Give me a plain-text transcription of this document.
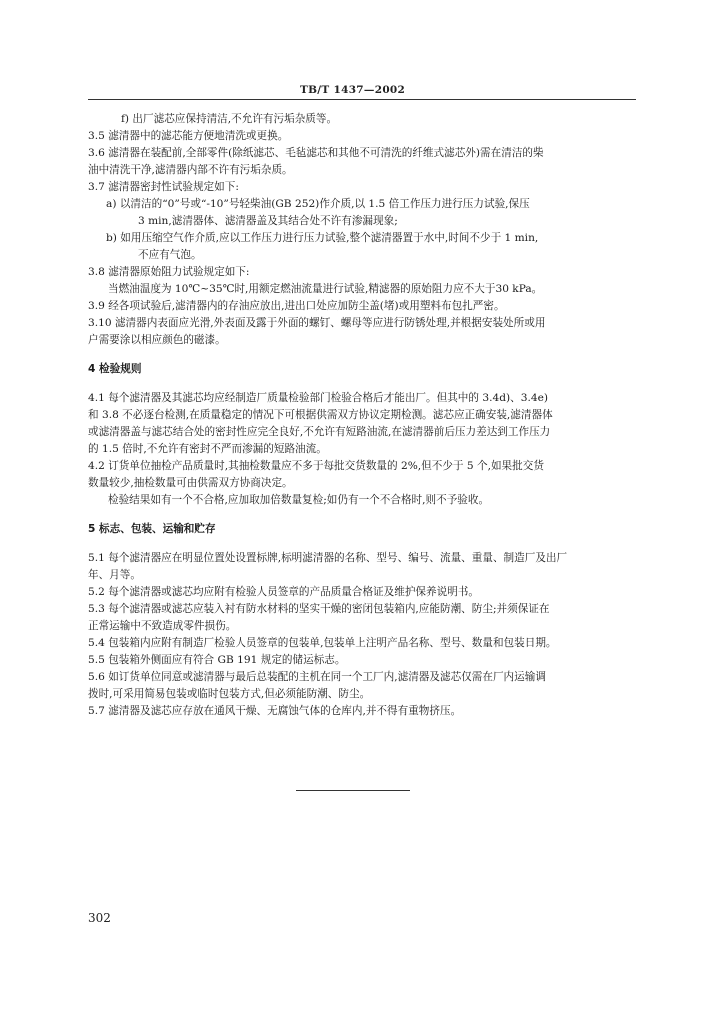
TB/T 1437—2002
f) 出厂滤芯应保持清洁,不允许有污垢杂质等。
3.5 滤清器中的滤芯能方便地清洗或更换。
3.6 滤清器在装配前,全部零件(除纸滤芯、毛毡滤芯和其他不可清洗的纤维式滤芯外)需在清洁的柴
油中清洗干净,滤清器内部不许有污垢杂质。
3.7 滤清器密封性试验规定如下:
a) 以清洁的“0”号或“-10”号轻柴油(GB 252)作介质,以 1.5 倍工作压力进行压力试验,保压
3 min,滤清器体、滤清器盖及其结合处不许有渗漏现象;
b) 如用压缩空气作介质,应以工作压力进行压力试验,整个滤清器置于水中,时间不少于 1 min,
不应有气泡。
3.8 滤清器原始阻力试验规定如下:
当燃油温度为 10℃~35℃时,用额定燃油流量进行试验,精滤器的原始阻力应不大于30 kPa。
3.9 经各项试验后,滤清器内的存油应放出,进出口处应加防尘盖(堵)或用塑料布包扎严密。
3.10 滤清器内表面应光滑,外表面及露于外面的螺钉、螺母等应进行防锈处理,并根据安装处所或用
户需要涂以相应颜色的磁漆。
4 检验规则
4.1 每个滤清器及其滤芯均应经制造厂质量检验部门检验合格后才能出厂。但其中的 3.4d)、3.4e)
和 3.8 不必逐台检测,在质量稳定的情况下可根据供需双方协议定期检测。滤芯应正确安装,滤清器体
或滤清器盖与滤芯结合处的密封性应完全良好,不允许有短路油流,在滤清器前后压力差达到工作压力
的 1.5 倍时,不允许有密封不严而渗漏的短路油流。
4.2 订货单位抽检产品质量时,其抽检数量应不多于每批交货数量的 2%,但不少于 5 个,如果批交货
数量较少,抽检数量可由供需双方协商决定。
检验结果如有一个不合格,应加取加倍数量复检;如仍有一个不合格时,则不予验收。
5 标志、包装、运输和贮存
5.1 每个滤清器应在明显位置处设置标牌,标明滤清器的名称、型号、编号、流量、重量、制造厂及出厂
年、月等。
5.2 每个滤清器或滤芯均应附有检验人员签章的产品质量合格证及维护保养说明书。
5.3 每个滤清器或滤芯应装入衬有防水材料的坚实干燥的密闭包装箱内,应能防潮、防尘;并须保证在
正常运输中不致造成零件损伤。
5.4 包装箱内应附有制造厂检验人员签章的包装单,包装单上注明产品名称、型号、数量和包装日期。
5.5 包装箱外侧面应有符合 GB 191 规定的储运标志。
5.6 如订货单位同意或滤清器与最后总装配的主机在同一个工厂内,滤清器及滤芯仅需在厂内运输调
拨时,可采用简易包装或临时包装方式,但必须能防潮、防尘。
5.7 滤清器及滤芯应存放在通风干燥、无腐蚀气体的仓库内,并不得有重物挤压。
302
